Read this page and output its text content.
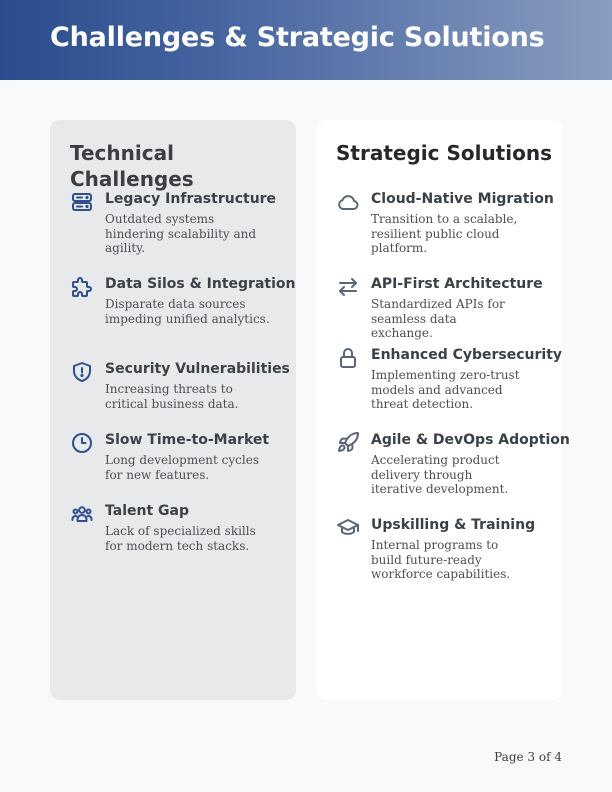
Challenges & Strategic Solutions
Technical Challenges
Legacy Infrastructure
Outdated systems hindering scalability and agility.
Data Silos & Integration
Disparate data sources impeding unified analytics.
Security Vulnerabilities
Increasing threats to critical business data.
Slow Time-to-Market
Long development cycles for new features.
Talent Gap
Lack of specialized skills for modern tech stacks.
Strategic Solutions
Cloud-Native Migration
Transition to a scalable, resilient public cloud platform.
API-First Architecture
Standardized APIs for seamless data exchange.
Enhanced Cybersecurity
Implementing zero-trust models and advanced threat detection.
Agile & DevOps Adoption
Accelerating product delivery through iterative development.
Upskilling & Training
Internal programs to build future-ready workforce capabilities.
Page 3 of 4
